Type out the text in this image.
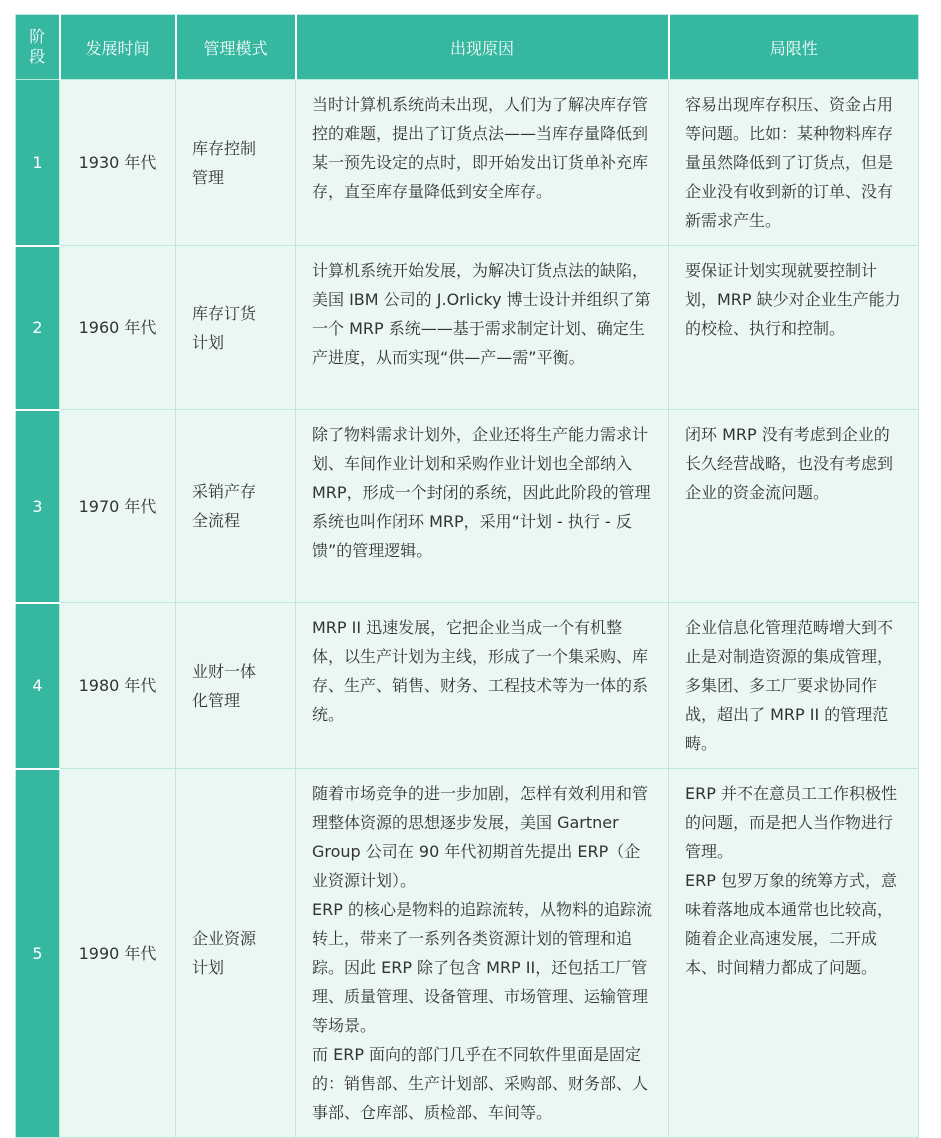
阶段	发展时间	管理模式	出现原因	局限性
1	1930 年代	库存控制管理	当时计算机系统尚未出现，人们为了解决库存管控的难题，提出了订货点法——当库存量降低到某一预先设定的点时，即开始发出订货单补充库存，直至库存量降低到安全库存。	容易出现库存积压、资金占用等问题。比如：某种物料库存量虽然降低到了订货点，但是企业没有收到新的订单、没有新需求产生。

2	1960 年代	库存订货计划	计算机系统开始发展，为解决订货点法的缺陷，美国 IBM 公司的 J.Orlicky 博士设计并组织了第一个 MRP 系统——基于需求制定计划、确定生产进度，从而实现“供—产—需”平衡。	要保证计划实现就要控制计划，MRP 缺少对企业生产能力的校检、执行和控制。

3	1970 年代	采销产存全流程	除了物料需求计划外，企业还将生产能力需求计划、车间作业计划和采购作业计划也全部纳入 MRP，形成一个封闭的系统，因此此阶段的管理系统也叫作闭环 MRP，采用“计划 - 执行 - 反馈”的管理逻辑。	闭环 MRP 没有考虑到企业的长久经营战略，也没有考虑到企业的资金流问题。

4	1980 年代	业财一体化管理	MRP II 迅速发展，它把企业当成一个有机整体，以生产计划为主线，形成了一个集采购、库存、生产、销售、财务、工程技术等为一体的系统。	企业信息化管理范畴增大到不止是对制造资源的集成管理，多集团、多工厂要求协同作战，超出了 MRP II 的管理范畴。

5	1990 年代	企业资源计划	随着市场竞争的进一步加剧，怎样有效利用和管理整体资源的思想逐步发展，美国 Gartner Group 公司在 90 年代初期首先提出 ERP（企业资源计划）。
ERP 的核心是物料的追踪流转，从物料的追踪流转上，带来了一系列各类资源计划的管理和追踪。因此 ERP 除了包含 MRP II，还包括工厂管理、质量管理、设备管理、市场管理、运输管理等场景。
而 ERP 面向的部门几乎在不同软件里面是固定的：销售部、生产计划部、采购部、财务部、人事部、仓库部、质检部、车间等。	ERP 并不在意员工工作积极性的问题，而是把人当作物进行管理。
ERP 包罗万象的统筹方式，意味着落地成本通常也比较高，随着企业高速发展，二开成本、时间精力都成了问题。
